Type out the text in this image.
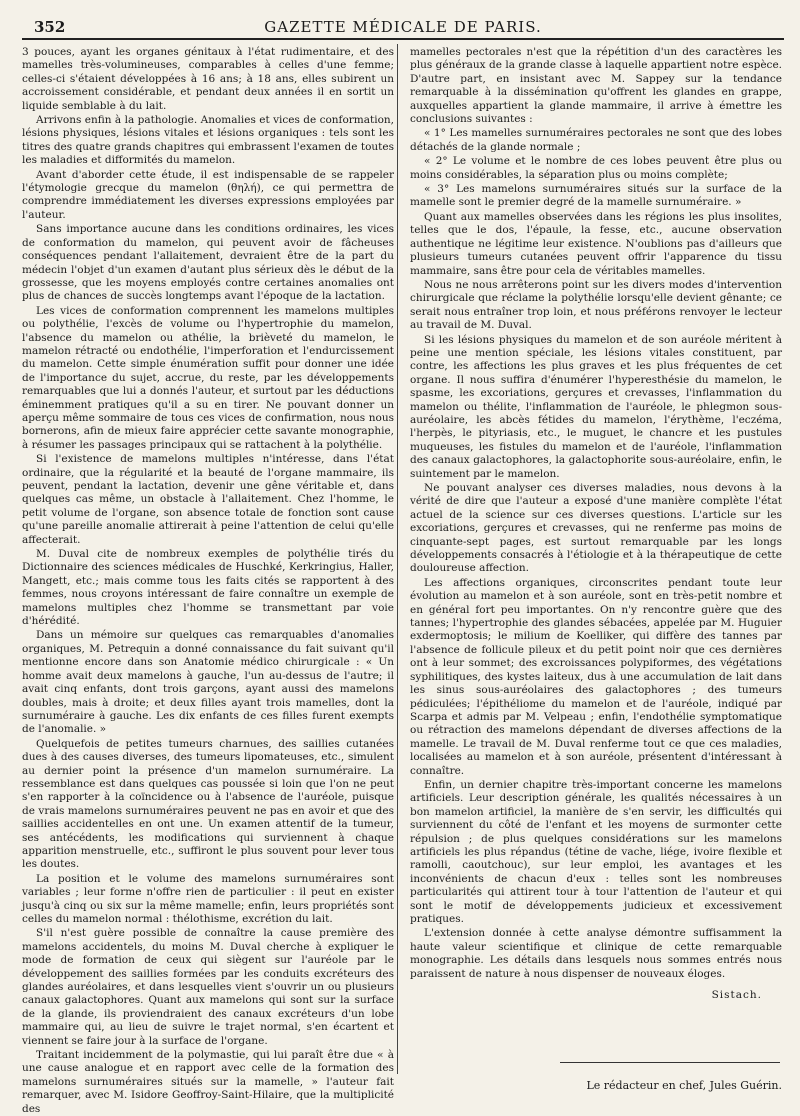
352	GAZETTE MÉDICALE DE PARIS.

3 pouces, ayant les organes génitaux à l'état rudimentaire, et des mamelles très-volumineuses, comparables à celles d'une femme; celles-ci s'étaient développées à 16 ans; à 18 ans, elles subirent un accroissement considérable, et pendant deux années il en sortit un liquide semblable à du lait.

Arrivons enfin à la pathologie. Anomalies et vices de conformation, lésions physiques, lésions vitales et lésions organiques : tels sont les titres des quatre grands chapitres qui embrassent l'examen de toutes les maladies et difformités du mamelon.

Avant d'aborder cette étude, il est indispensable de se rappeler l'étymologie grecque du mamelon (θηλή), ce qui permettra de comprendre immédiatement les diverses expressions employées par l'auteur.

Sans importance aucune dans les conditions ordinaires, les vices de conformation du mamelon, qui peuvent avoir de fâcheuses conséquences pendant l'allaitement, devraient être de la part du médecin l'objet d'un examen d'autant plus sérieux dès le début de la grossesse, que les moyens employés contre certaines anomalies ont plus de chances de succès longtemps avant l'époque de la lactation.

Les vices de conformation comprennent les mamelons multiples ou polythélie, l'excès de volume ou l'hypertrophie du mamelon, l'absence du mamelon ou athélie, la brièveté du mamelon, le mamelon rétracté ou endothélie, l'imperforation et l'endurcissement du mamelon. Cette simple énumération suffit pour donner une idée de l'importance du sujet, accrue, du reste, par les développements remarquables que lui a donnés l'auteur, et surtout par les déductions éminemment pratiques qu'il a su en tirer. Ne pouvant donner un aperçu même sommaire de tous ces vices de confirmation, nous nous bornerons, afin de mieux faire apprécier cette savante monographie, à résumer les passages principaux qui se rattachent à la polythélie.

Si l'existence de mamelons multiples n'intéresse, dans l'état ordinaire, que la régularité et la beauté de l'organe mammaire, ils peuvent, pendant la lactation, devenir une gêne véritable et, dans quelques cas même, un obstacle à l'allaitement. Chez l'homme, le petit volume de l'organe, son absence totale de fonction sont cause qu'une pareille anomalie attirerait à peine l'attention de celui qu'elle affecterait.

M. Duval cite de nombreux exemples de polythélie tirés du Dictionnaire des sciences médicales de Huschké, Kerkringius, Haller, Mangett, etc.; mais comme tous les faits cités se rapportent à des femmes, nous croyons intéressant de faire connaître un exemple de mamelons multiples chez l'homme se transmettant par voie d'hérédité.

Dans un mémoire sur quelques cas remarquables d'anomalies organiques, M. Petrequin a donné connaissance du fait suivant qu'il mentionne encore dans son Anatomie médico chirurgicale : « Un homme avait deux mamelons à gauche, l'un au-dessus de l'autre; il avait cinq enfants, dont trois garçons, ayant aussi des mamelons doubles, mais à droite; et deux filles ayant trois mamelles, dont la surnuméraire à gauche. Les dix enfants de ces filles furent exempts de l'anomalie. »

Quelquefois de petites tumeurs charnues, des saillies cutanées dues à des causes diverses, des tumeurs lipomateuses, etc., simulent au dernier point la présence d'un mamelon surnuméraire. La ressemblance est dans quelques cas poussée si loin que l'on ne peut s'en rapporter à la coïncidence ou à l'absence de l'auréole, puisque de vrais mamelons surnuméraires peuvent ne pas en avoir et que des saillies accidentelles en ont une. Un examen attentif de la tumeur, ses antécédents, les modifications qui surviennent à chaque apparition menstruelle, etc., suffiront le plus souvent pour lever tous les doutes.

La position et le volume des mamelons surnuméraires sont variables ; leur forme n'offre rien de particulier : il peut en exister jusqu'à cinq ou six sur la même mamelle; enfin, leurs propriétés sont celles du mamelon normal : thélothisme, excrétion du lait.

S'il n'est guère possible de connaître la cause première des mamelons accidentels, du moins M. Duval cherche à expliquer le mode de formation de ceux qui siègent sur l'auréole par le développement des saillies formées par les conduits excréteurs des glandes auréolaires, et dans lesquelles vient s'ouvrir un ou plusieurs canaux galactophores. Quant aux mamelons qui sont sur la surface de la glande, ils proviendraient des canaux excréteurs d'un lobe mammaire qui, au lieu de suivre le trajet normal, s'en écartent et viennent se faire jour à la surface de l'organe.

Traitant incidemment de la polymastie, qui lui paraît être due « à une cause analogue et en rapport avec celle de la formation des mamelons surnuméraires situés sur la mamelle, » l'auteur fait remarquer, avec M. Isidore Geoffroy-Saint-Hilaire, que la multiplicité des

mamelles pectorales n'est que la répétition d'un des caractères les plus généraux de la grande classe à laquelle appartient notre espèce. D'autre part, en insistant avec M. Sappey sur la tendance remarquable à la dissémination qu'offrent les glandes en grappe, auxquelles appartient la glande mammaire, il arrive à émettre les conclusions suivantes :

« 1° Les mamelles surnuméraires pectorales ne sont que des lobes détachés de la glande normale ;

« 2° Le volume et le nombre de ces lobes peuvent être plus ou moins considérables, la séparation plus ou moins complète;

« 3° Les mamelons surnuméraires situés sur la surface de la mamelle sont le premier degré de la mamelle surnuméraire. »

Quant aux mamelles observées dans les régions les plus insolites, telles que le dos, l'épaule, la fesse, etc., aucune observation authentique ne légitime leur existence. N'oublions pas d'ailleurs que plusieurs tumeurs cutanées peuvent offrir l'apparence du tissu mammaire, sans être pour cela de véritables mamelles.

Nous ne nous arrêterons point sur les divers modes d'intervention chirurgicale que réclame la polythélie lorsqu'elle devient gênante; ce serait nous entraîner trop loin, et nous préférons renvoyer le lecteur au travail de M. Duval.

Si les lésions physiques du mamelon et de son auréole méritent à peine une mention spéciale, les lésions vitales constituent, par contre, les affections les plus graves et les plus fréquentes de cet organe. Il nous suffira d'énumérer l'hyperesthésie du mamelon, le spasme, les excoriations, gerçures et crevasses, l'inflammation du mamelon ou thélite, l'inflammation de l'auréole, le phlegmon sous-auréolaire, les abcès fétides du mamelon, l'érythème, l'eczéma, l'herpès, le pityriasis, etc., le muguet, le chancre et les pustules muqueuses, les fistules du mamelon et de l'auréole, l'inflammation des canaux galactophores, la galactophorite sous-auréolaire, enfin, le suintement par le mamelon.

Ne pouvant analyser ces diverses maladies, nous devons à la vérité de dire que l'auteur a exposé d'une manière complète l'état actuel de la science sur ces diverses questions. L'article sur les excoriations, gerçures et crevasses, qui ne renferme pas moins de cinquante-sept pages, est surtout remarquable par les longs développements consacrés à l'étiologie et à la thérapeutique de cette douloureuse affection.

Les affections organiques, circonscrites pendant toute leur évolution au mamelon et à son auréole, sont en très-petit nombre et en général fort peu importantes. On n'y rencontre guère que des tannes; l'hypertrophie des glandes sébacées, appelée par M. Huguier exdermoptosis; le milium de Koelliker, qui diffère des tannes par l'absence de follicule pileux et du petit point noir que ces dernières ont à leur sommet; des excroissances polypiformes, des végétations syphilitiques, des kystes laiteux, dus à une accumulation de lait dans les sinus sous-auréolaires des galactophores ; des tumeurs pédiculées; l'épithéliome du mamelon et de l'auréole, indiqué par Scarpa et admis par M. Velpeau ; enfin, l'endothélie symptomatique ou rétraction des mamelons dépendant de diverses affections de la mamelle. Le travail de M. Duval renferme tout ce que ces maladies, localisées au mamelon et à son auréole, présentent d'intéressant à connaître.

Enfin, un dernier chapitre très-important concerne les mamelons artificiels. Leur description générale, les qualités nécessaires à un bon mamelon artificiel, la manière de s'en servir, les difficultés qui surviennent du côté de l'enfant et les moyens de surmonter cette répulsion ; de plus quelques considérations sur les mamelons artificiels les plus répandus (tétine de vache, liége, ivoire flexible et ramolli, caoutchouc), sur leur emploi, les avantages et les inconvénients de chacun d'eux : telles sont les nombreuses particularités qui attirent tour à tour l'attention de l'auteur et qui sont le motif de développements judicieux et excessivement pratiques.

L'extension donnée à cette analyse démontre suffisamment la haute valeur scientifique et clinique de cette remarquable monographie. Les détails dans lesquels nous sommes entrés nous paraissent de nature à nous dispenser de nouveaux éloges.

Sistach.
Le rédacteur en chef, Jules Guérin.
